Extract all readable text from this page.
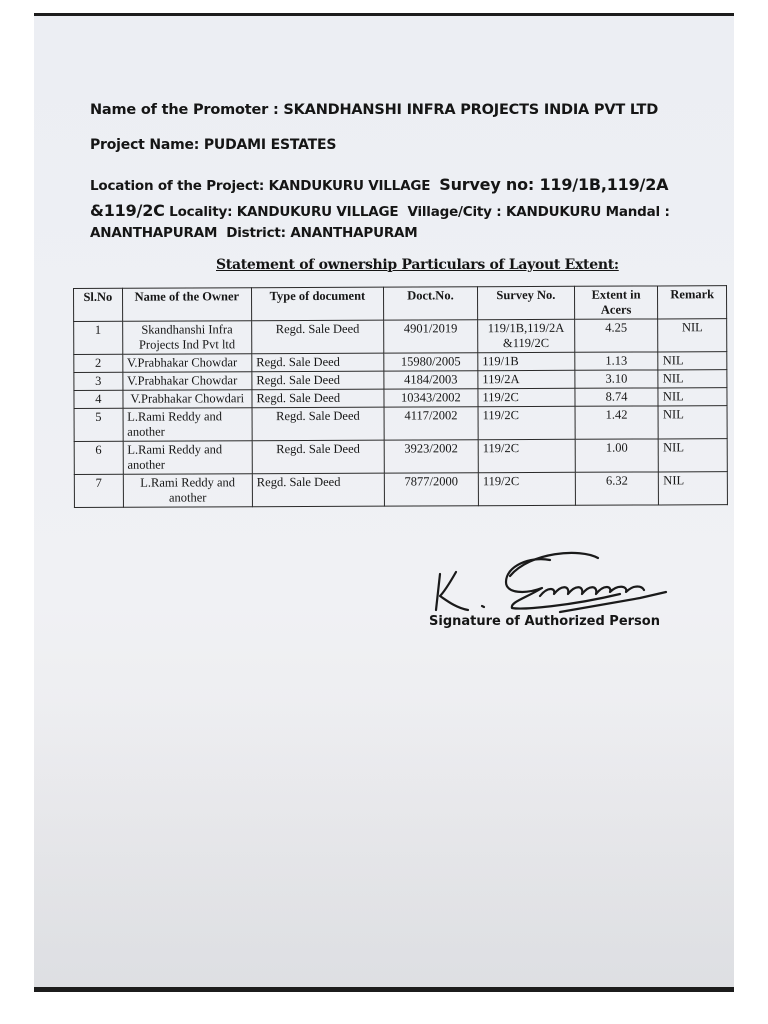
Name of the Promoter : SKANDHANSHI INFRA PROJECTS INDIA PVT LTD
Project Name: PUDAMI ESTATES
Location of the Project: KANDUKURU VILLAGE Survey no: 119/1B,119/2A
&119/2C Locality: KANDUKURU VILLAGE Village/City : KANDUKURU Mandal :
ANANTHAPURAM District: ANANTHAPURAM
Statement of ownership Particulars of Layout Extent:
Sl.No	Name of the Owner	Type of document	Doct.No.	Survey No.	Extent in Acers	Remark
1	Skandhanshi Infra Projects Ind Pvt ltd	Regd. Sale Deed	4901/2019	119/1B,119/2A &119/2C	4.25	NIL
2	V.Prabhakar Chowdar	Regd. Sale Deed	15980/2005	119/1B	1.13	NIL
3	V.Prabhakar Chowdar	Regd. Sale Deed	4184/2003	119/2A	3.10	NIL
4	V.Prabhakar Chowdari	Regd. Sale Deed	10343/2002	119/2C	8.74	NIL
5	L.Rami Reddy and another	Regd. Sale Deed	4117/2002	119/2C	1.42	NIL
6	L.Rami Reddy and another	Regd. Sale Deed	3923/2002	119/2C	1.00	NIL
7	L.Rami Reddy and another	Regd. Sale Deed	7877/2000	119/2C	6.32	NIL
Signature of Authorized Person
